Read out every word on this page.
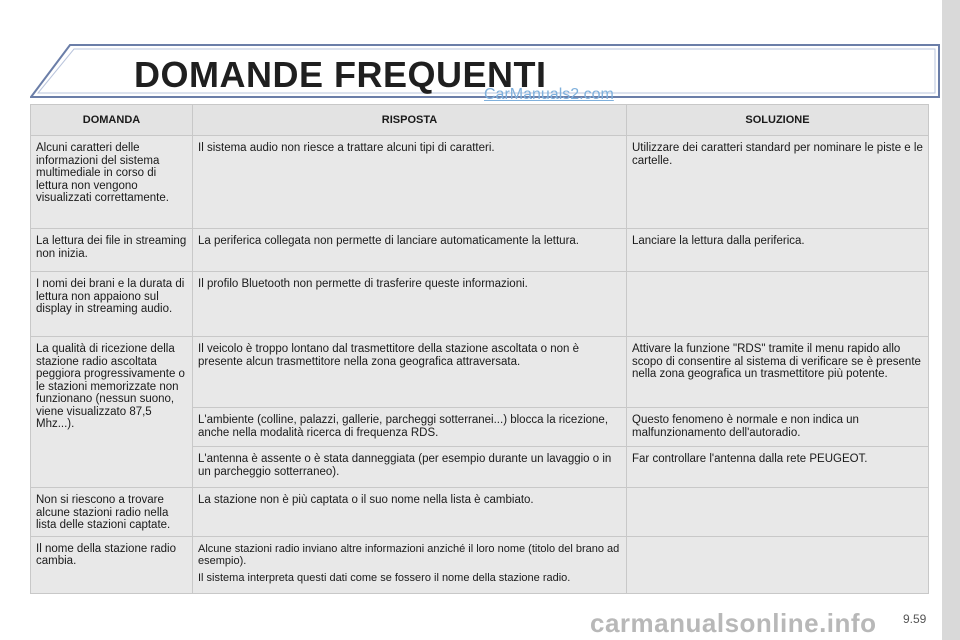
DOMANDE FREQUENTI
CarManuals2.com
DOMANDA	RISPOSTA	SOLUZIONE

Alcuni caratteri delle informazioni del sistema multimediale in corso di lettura non vengono visualizzati correttamente.	Il sistema audio non riesce a trattare alcuni tipi di caratteri.	Utilizzare dei caratteri standard per nominare le piste e le cartelle.

La lettura dei file in streaming non inizia.	La periferica collegata non permette di lanciare automaticamente la lettura.	Lanciare la lettura dalla periferica.

I nomi dei brani e la durata di lettura non appaiono sul display in streaming audio.	Il profilo Bluetooth non permette di trasferire queste informazioni.	

La qualità di ricezione della stazione radio ascoltata peggiora progressivamente o le stazioni memorizzate non funzionano (nessun suono, viene visualizzato 87,5 Mhz...).	Il veicolo è troppo lontano dal trasmettitore della stazione ascoltata o non è presente alcun trasmettitore nella zona geografica attraversata.	Attivare la funzione "RDS" tramite il menu rapido allo scopo di consentire al sistema di verificare se è presente nella zona geografica un trasmettitore più potente.

	L'ambiente (colline, palazzi, gallerie, parcheggi sotterranei...) blocca la ricezione, anche nella modalità ricerca di frequenza RDS.	Questo fenomeno è normale e non indica un malfunzionamento dell'autoradio.

	L'antenna è assente o è stata danneggiata (per esempio durante un lavaggio o in un parcheggio sotterraneo).	Far controllare l'antenna dalla rete PEUGEOT.

Non si riescono a trovare alcune stazioni radio nella lista delle stazioni captate.	La stazione non è più captata o il suo nome nella lista è cambiato.	

Il nome della stazione radio cambia.	Alcune stazioni radio inviano altre informazioni anziché il loro nome (titolo del brano ad esempio).

Il sistema interpreta questi dati come se fossero il nome della stazione radio.	

carmanualsonline.info 9.59
